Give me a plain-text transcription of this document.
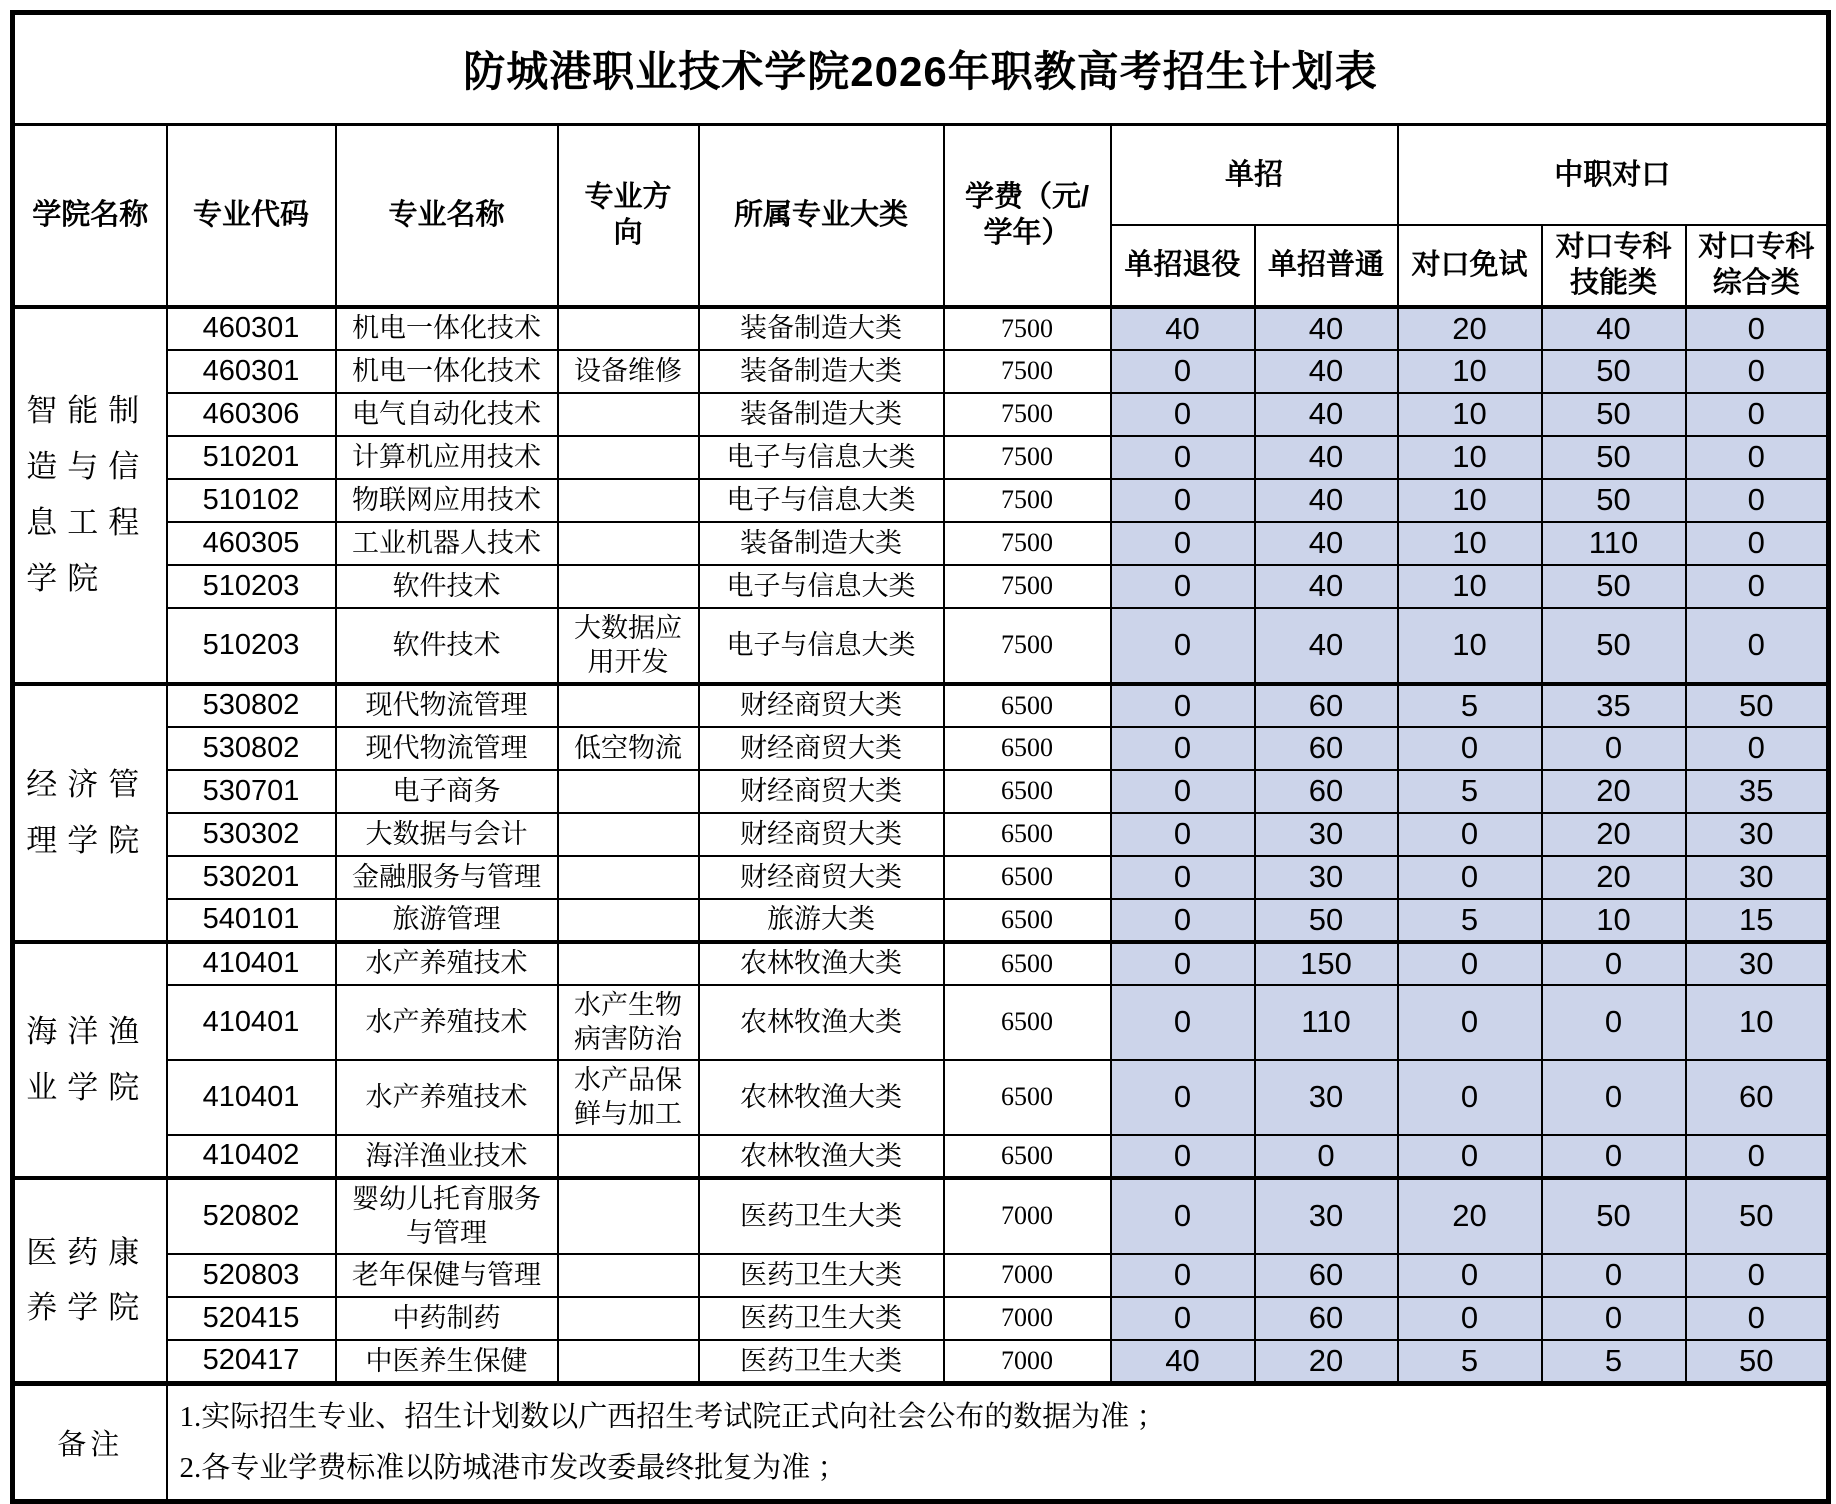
防城港职业技术学院2026年职教高考招生计划表										
学院名称	专业代码	专业名称	专业方向	所属专业大类	学费（元/学年）	单招		中职对口		
						单招退役	单招普通	对口免试	对口专科技能类	对口专科综合类

智能制造与信息工程学院	460301	机电一体化技术		装备制造大类	7500	40	40	20	40	0
	460301	机电一体化技术	设备维修	装备制造大类	7500	0	40	10	50	0
	460306	电气自动化技术		装备制造大类	7500	0	40	10	50	0
	510201	计算机应用技术		电子与信息大类	7500	0	40	10	50	0
	510102	物联网应用技术		电子与信息大类	7500	0	40	10	50	0
	460305	工业机器人技术		装备制造大类	7500	0	40	10	110	0
	510203	软件技术		电子与信息大类	7500	0	40	10	50	0
	510203	软件技术	大数据应用开发	电子与信息大类	7500	0	40	10	50	0

经济管理学院	530802	现代物流管理		财经商贸大类	6500	0	60	5	35	50
	530802	现代物流管理	低空物流	财经商贸大类	6500	0	60	0	0	0
	530701	电子商务		财经商贸大类	6500	0	60	5	20	35
	530302	大数据与会计		财经商贸大类	6500	0	30	0	20	30
	530201	金融服务与管理		财经商贸大类	6500	0	30	0	20	30
	540101	旅游管理		旅游大类	6500	0	50	5	10	15

海洋渔业学院	410401	水产养殖技术		农林牧渔大类	6500	0	150	0	0	30
	410401	水产养殖技术	水产生物病害防治	农林牧渔大类	6500	0	110	0	0	10
	410401	水产养殖技术	水产品保鲜与加工	农林牧渔大类	6500	0	30	0	0	60
	410402	海洋渔业技术		农林牧渔大类	6500	0	0	0	0	0

医药康养学院	520802	婴幼儿托育服务与管理		医药卫生大类	7000	0	30	20	50	50
	520803	老年保健与管理		医药卫生大类	7000	0	60	0	0	0
	520415	中药制药		医药卫生大类	7000	0	60	0	0	0
	520417	中医养生保健		医药卫生大类	7000	40	20	5	5	50
备注	1.实际招生专业、招生计划数以广西招生考试院正式向社会公布的数据为准 ；
2.各专业学费标准以防城港市发改委最终批复为准 ；									
